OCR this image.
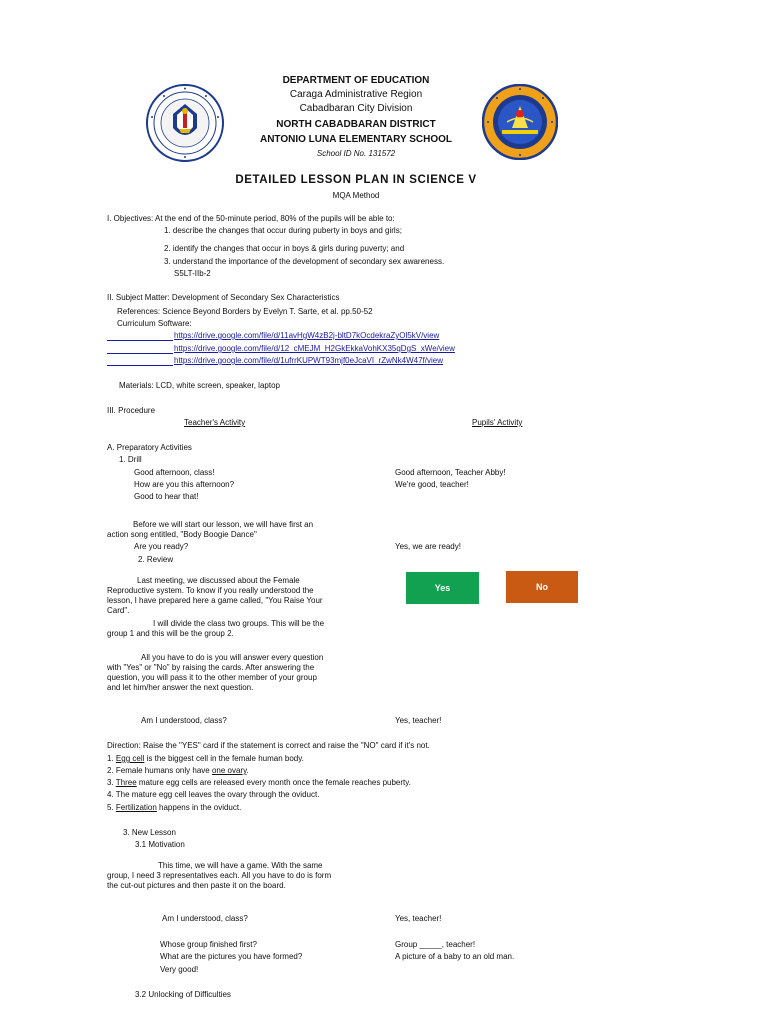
DEPARTMENT OF EDUCATION
Caraga Administrative Region
Cabadbaran City Division
NORTH CABADBARAN DISTRICT
ANTONIO LUNA ELEMENTARY SCHOOL
School ID No. 131572
DETAILED LESSON PLAN IN SCIENCE V
MQA Method
I. Objectives: At the end of the 50-minute period, 80% of the pupils will be able to:
1. describe the changes that occur during puberty in boys and girls;
2. identify the changes that occur in boys & girls during puverty; and
3. understand the importance of the development of secondary sex awareness.
S5LT-IIb-2
II. Subject Matter: Development of Secondary Sex Characteristics
References: Science Beyond Borders by Evelyn T. Sarte, et al. pp.50-52
Curriculum Software:
https://drive.google.com/file/d/11avHgW4zB2j-bltD7kOcdekraZyOl5kV/view
https://drive.google.com/file/d/12_cMEJM_H2GkEkkaVohKX35qDgS_xWe/view
https://drive.google.com/file/d/1ufrrKUPWT93mjf0eJcaVI_rZwNk4W47f/view
Materials: LCD, white screen, speaker, laptop
III. Procedure
Teacher's Activity	Pupils' Activity
A. Preparatory Activities
1. Drill
Good afternoon, class!	Good afternoon, Teacher Abby!
How are you this afternoon?	We're good, teacher!
Good to hear that!
Before we will start our lesson, we will have first an action song entitled, "Body Boogie Dance"
Are you ready?	Yes, we are ready!
2. Review
Last meeting, we discussed about the Female Reproductive system. To know if you really understood the lesson, I have prepared here a game called, "You Raise Your Card".
Yes	No
I will divide the class two groups. This will be the group 1 and this will be the group 2.
All you have to do is you will answer every question with "Yes" or "No" by raising the cards. After answering the question, you will pass it to the other member of your group and let him/her answer the next question.
Am I understood, class?	Yes, teacher!
Direction: Raise the "YES" card if the statement is correct and raise the "NO" card if it's not.
1. Egg cell is the biggest cell in the female human body.
2. Female humans only have one ovary.
3. Three mature egg cells are released every month once the female reaches puberty.
4. The mature egg cell leaves the ovary through the oviduct.
5. Fertilization happens in the oviduct.
3. New Lesson
3.1 Motivation
This time, we will have a game. With the same group, I need 3 representatives each. All you have to do is form the cut-out pictures and then paste it on the board.
Am I understood, class?	Yes, teacher!
Whose group finished first?	Group _____, teacher!
What are the pictures you have formed?	A picture of a baby to an old man.
Very good!
3.2 Unlocking of Difficulties
